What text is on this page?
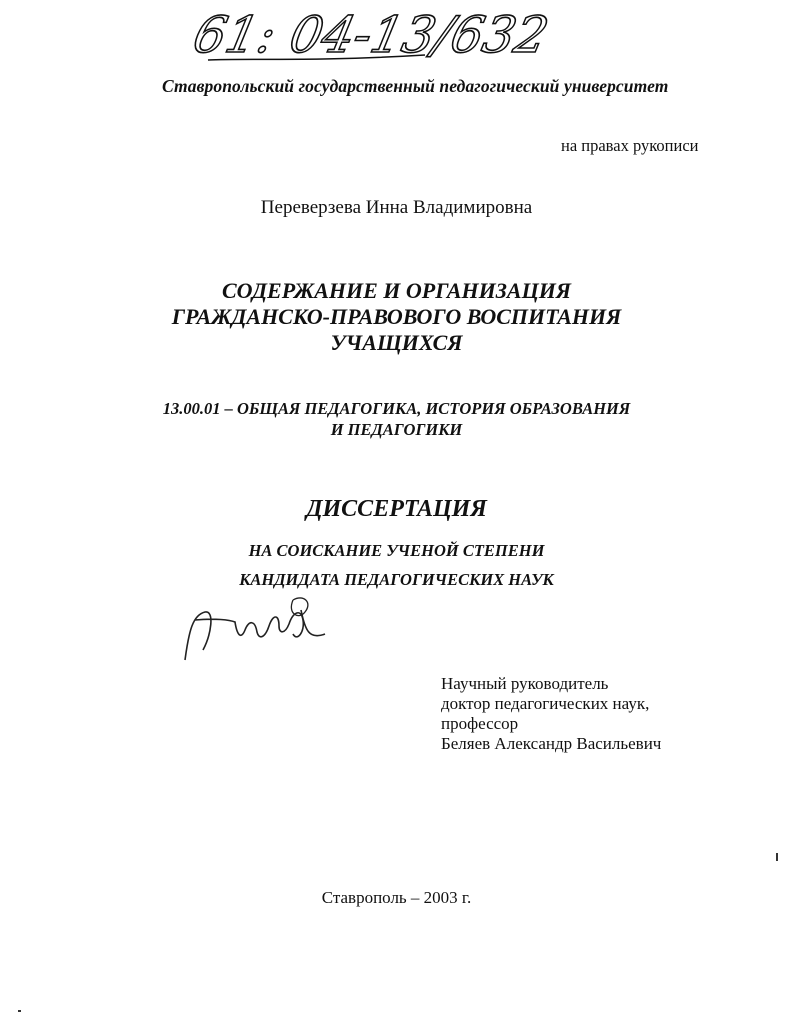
61: 04-13/632
Ставропольский государственный педагогический университет
на правах рукописи
Переверзева Инна Владимировна
СОДЕРЖАНИЕ И ОРГАНИЗАЦИЯ
ГРАЖДАНСКО-ПРАВОВОГО ВОСПИТАНИЯ
УЧАЩИХСЯ
13.00.01 – ОБЩАЯ ПЕДАГОГИКА, ИСТОРИЯ ОБРАЗОВАНИЯ
И ПЕДАГОГИКИ
ДИССЕРТАЦИЯ
НА СОИСКАНИЕ УЧЕНОЙ СТЕПЕНИ
КАНДИДАТА ПЕДАГОГИЧЕСКИХ НАУК
Научный руководитель
доктор педагогических наук,
профессор
Беляев Александр Васильевич
Ставрополь – 2003 г.
